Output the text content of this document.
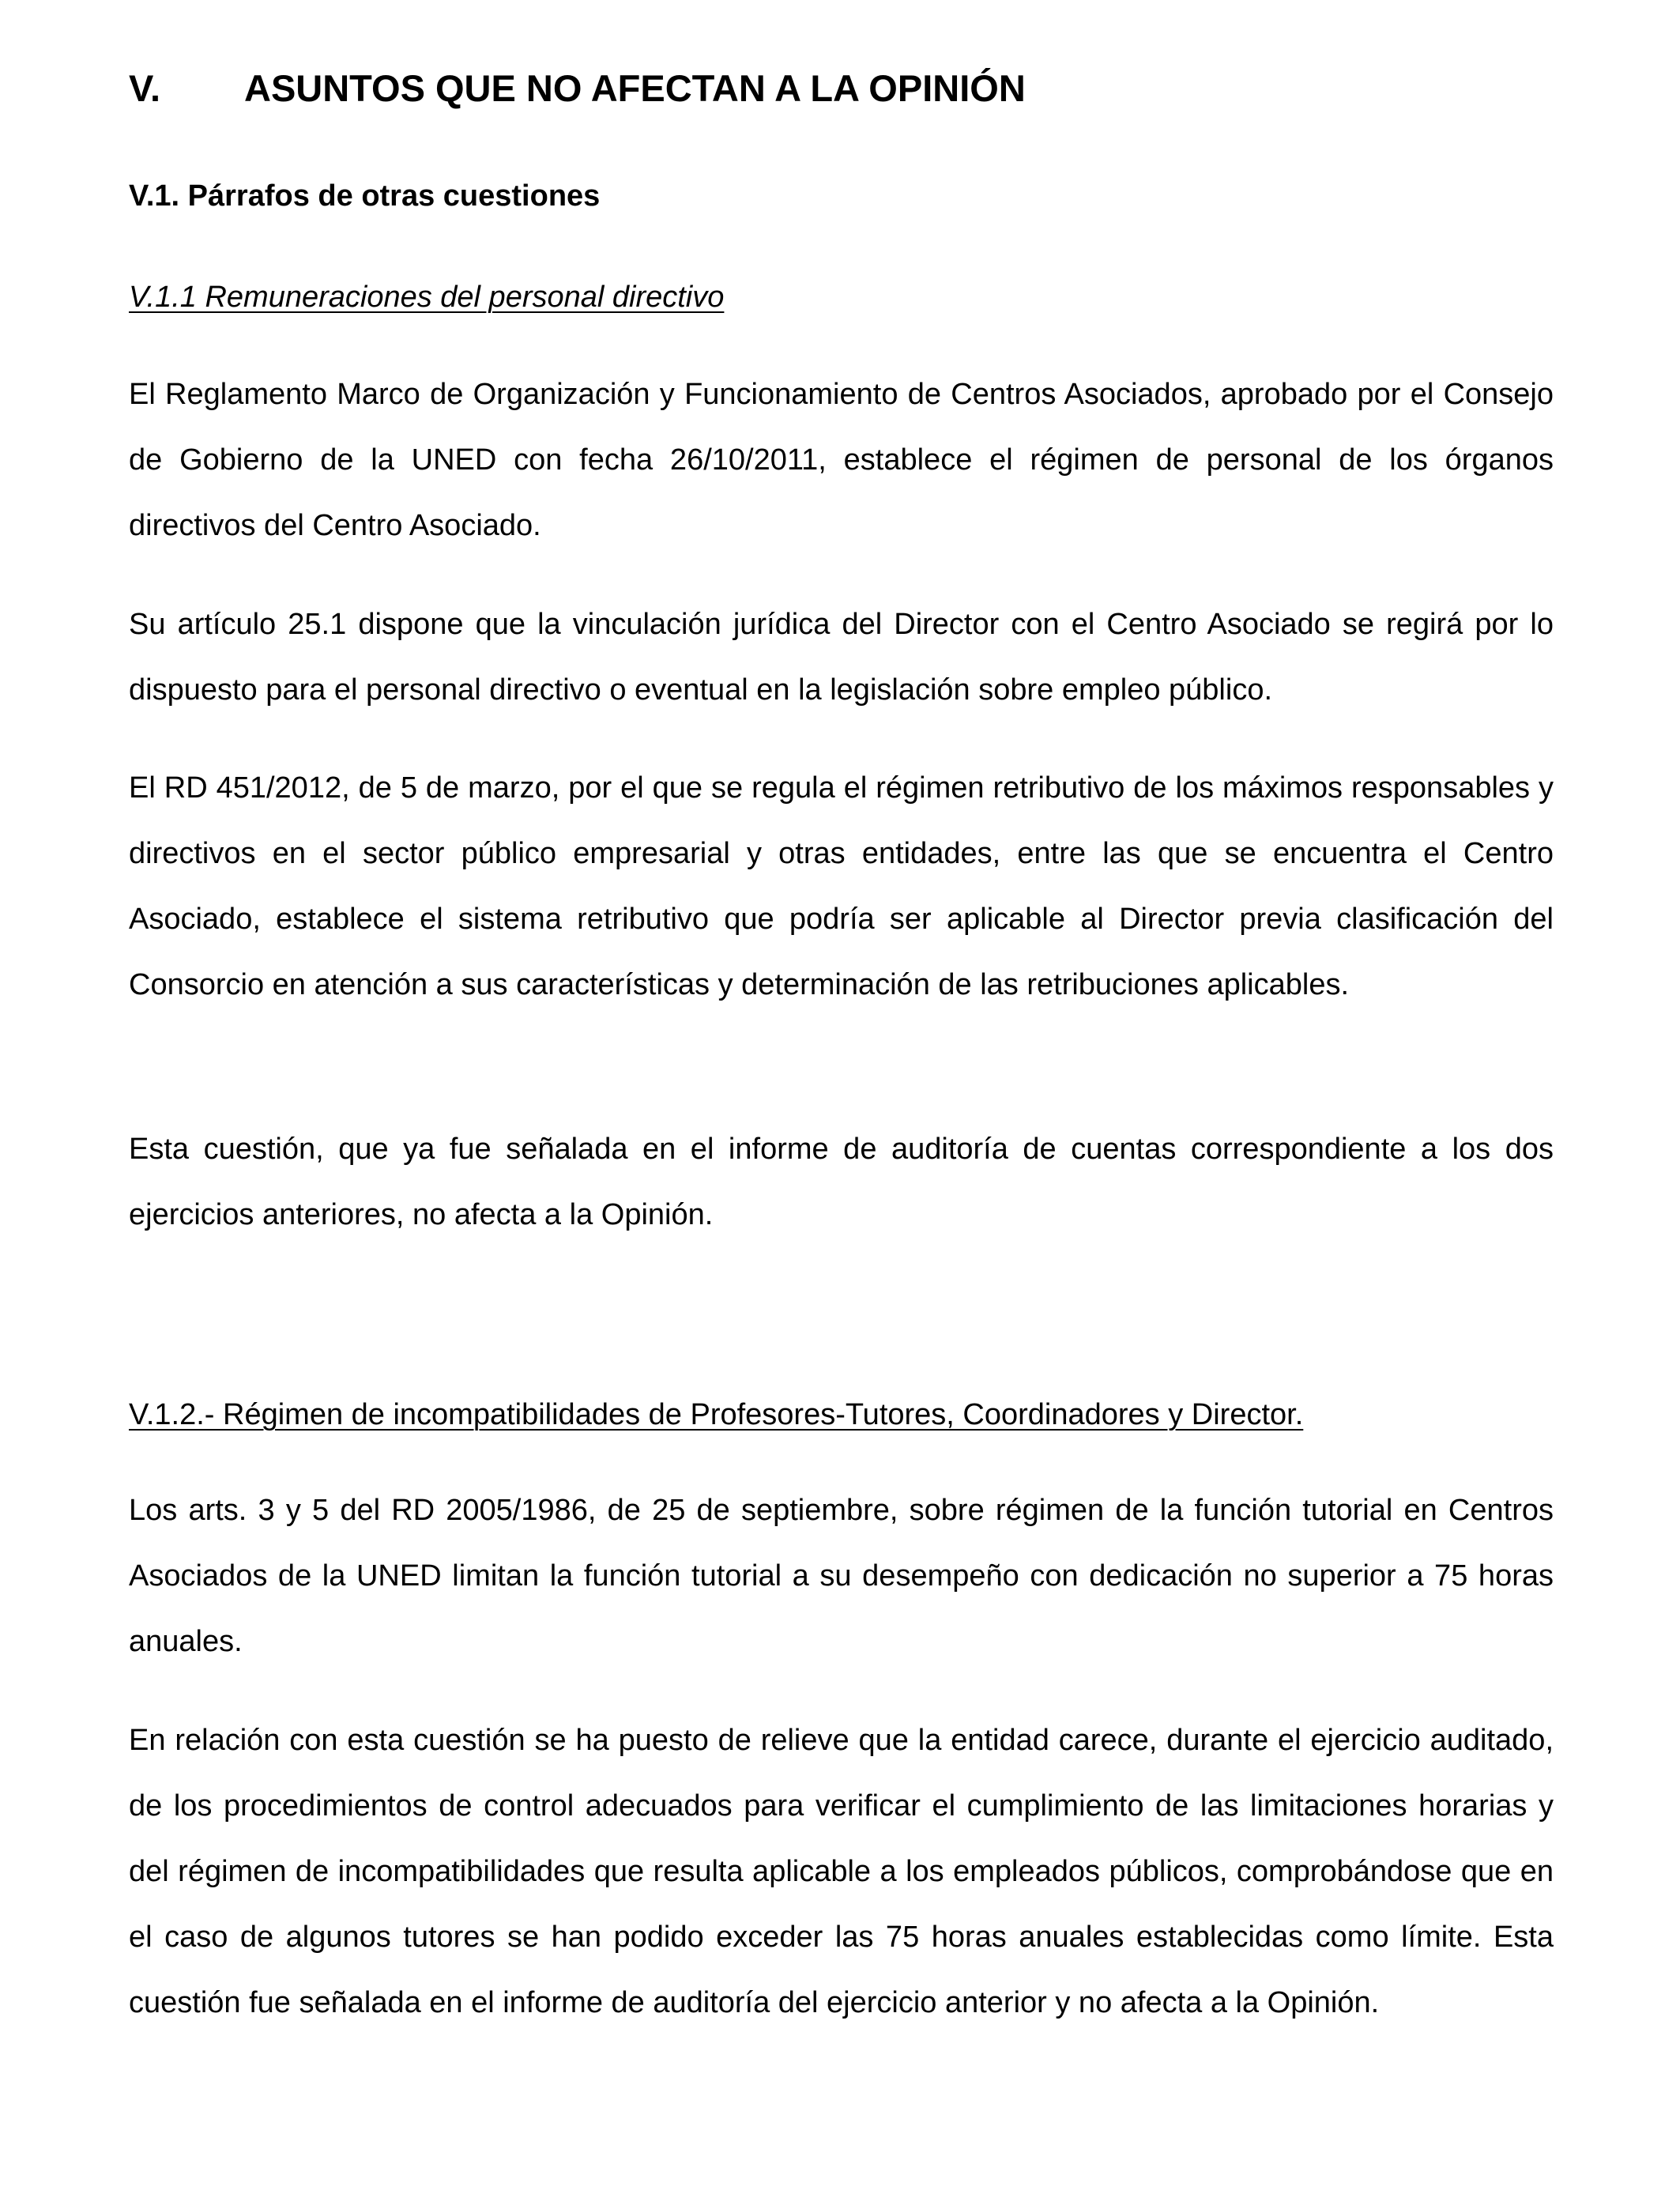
V. ASUNTOS QUE NO AFECTAN A LA OPINIÓN
V.1. Párrafos de otras cuestiones
V.1.1 Remuneraciones del personal directivo

El Reglamento Marco de Organización y Funcionamiento de Centros Asociados, aprobado por el Consejo de Gobierno de la UNED con fecha 26/10/2011, establece el régimen de personal de los órganos directivos del Centro Asociado.

Su artículo 25.1 dispone que la vinculación jurídica del Director con el Centro Asociado se regirá por lo dispuesto para el personal directivo o eventual en la legislación sobre empleo público.

El RD 451/2012, de 5 de marzo, por el que se regula el régimen retributivo de los máximos responsables y directivos en el sector público empresarial y otras entidades, entre las que se encuentra el Centro Asociado, establece el sistema retributivo que podría ser aplicable al Director previa clasificación del Consorcio en atención a sus características y determinación de las retribuciones aplicables.

Esta cuestión, que ya fue señalada en el informe de auditoría de cuentas correspondiente a los dos ejercicios anteriores, no afecta a la Opinión.

V.1.2.- Régimen de incompatibilidades de Profesores-Tutores, Coordinadores y Director.

Los arts. 3 y 5 del RD 2005/1986, de 25 de septiembre, sobre régimen de la función tutorial en Centros Asociados de la UNED limitan la función tutorial a su desempeño con dedicación no superior a 75 horas anuales.

En relación con esta cuestión se ha puesto de relieve que la entidad carece, durante el ejercicio auditado, de los procedimientos de control adecuados para verificar el cumplimiento de las limitaciones horarias y del régimen de incompatibilidades que resulta aplicable a los empleados públicos, comprobándose que en el caso de algunos tutores se han podido exceder las 75 horas anuales establecidas como límite. Esta cuestión fue señalada en el informe de auditoría del ejercicio anterior y no afecta a la Opinión.
